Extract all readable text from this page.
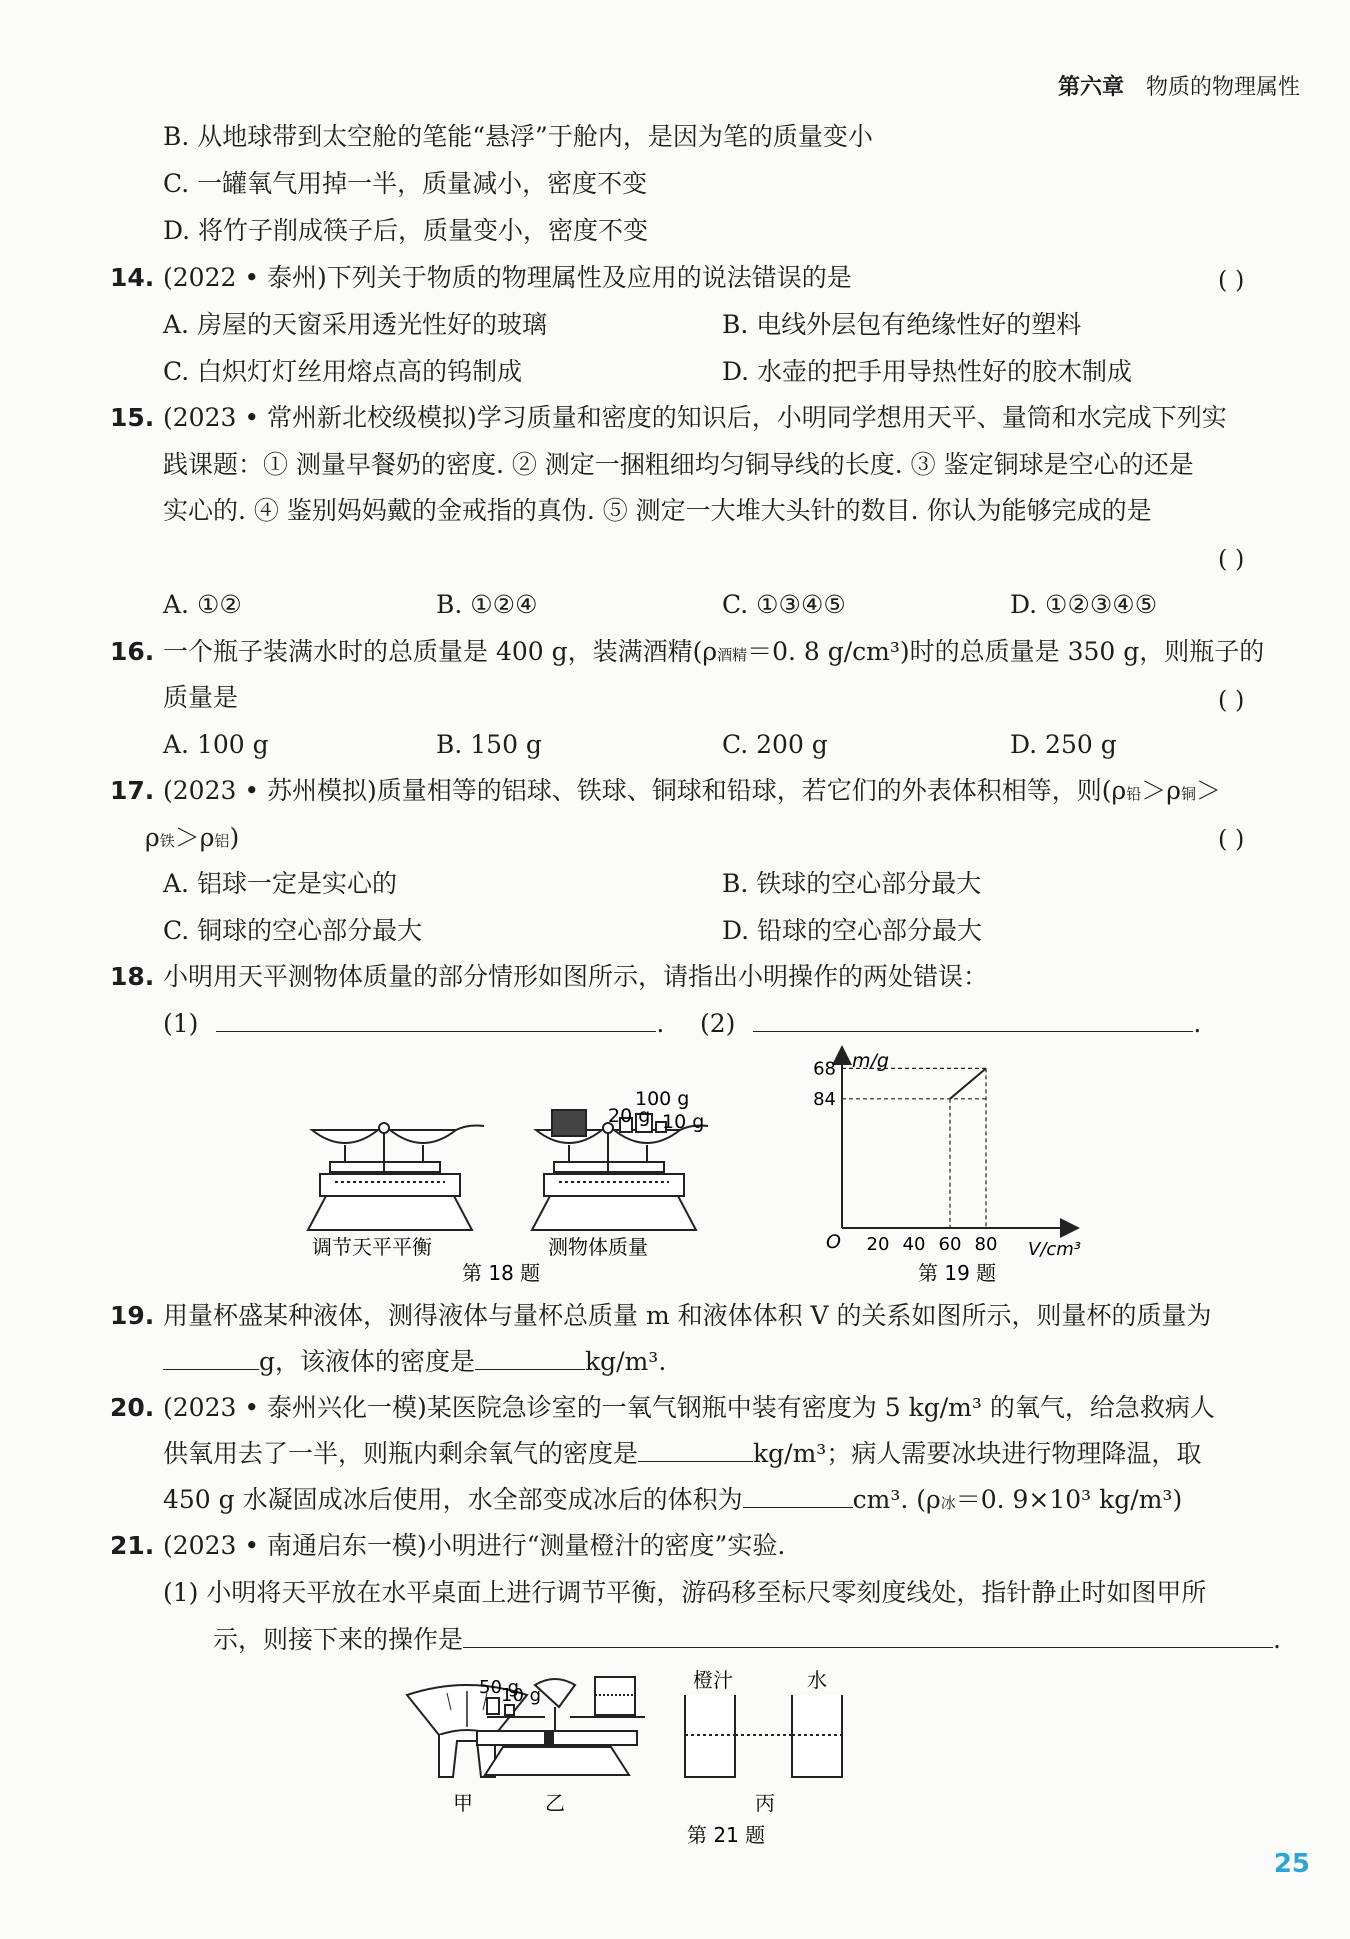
第六章 物质的物理属性
B. 从地球带到太空舱的笔能“悬浮”于舱内，是因为笔的质量变小
C. 一罐氧气用掉一半，质量减小，密度不变
D. 将竹子削成筷子后，质量变小，密度不变
14. (2022 • 泰州)下列关于物质的物理属性及应用的说法错误的是	( )
A. 房屋的天窗采用透光性好的玻璃	B. 电线外层包有绝缘性好的塑料
C. 白炽灯灯丝用熔点高的钨制成	D. 水壶的把手用导热性好的胶木制成
15. (2023 • 常州新北校级模拟)学习质量和密度的知识后，小明同学想用天平、量筒和水完成下列实
践课题：① 测量早餐奶的密度. ② 测定一捆粗细均匀铜导线的长度. ③ 鉴定铜球是空心的还是
实心的. ④ 鉴别妈妈戴的金戒指的真伪. ⑤ 测定一大堆大头针的数目. 你认为能够完成的是
( )
A. ①②	B. ①②④	C. ①③④⑤	D. ①②③④⑤
16. 一个瓶子装满水时的总质量是 400 g，装满酒精(ρ酒精＝0. 8 g/cm³)时的总质量是 350 g，则瓶子的
质量是	( )
A. 100 g	B. 150 g	C. 200 g	D. 250 g
17. (2023 • 苏州模拟)质量相等的铝球、铁球、铜球和铅球，若它们的外表体积相等，则(ρ铅＞ρ铜＞
ρ铁＞ρ铝)	( )
A. 铝球一定是实心的	B. 铁球的空心部分最大
C. 铜球的空心部分最大	D. 铅球的空心部分最大
18. 小明用天平测物体质量的部分情形如图所示，请指出小明操作的两处错误：
(1)	. (2)	.
100 g
20 g 10 g
调节天平平衡	测物体质量
第 18 题
m/g
V/cm³
O
84
68
20 40 60 80
第 19 题
19. 用量杯盛某种液体，测得液体与量杯总质量 m 和液体体积 V 的关系如图所示，则量杯的质量为
g，该液体的密度是	kg/m³.
20. (2023 • 泰州兴化一模)某医院急诊室的一氧气钢瓶中装有密度为 5 kg/m³ 的氧气，给急救病人
供氧用去了一半，则瓶内剩余氧气的密度是	kg/m³；病人需要冰块进行物理降温，取
450 g 水凝固成冰后使用，水全部变成冰后的体积为	cm³. (ρ冰＝0. 9×10³ kg/m³)
21. (2023 • 南通启东一模)小明进行“测量橙汁的密度”实验.
(1) 小明将天平放在水平桌面上进行调节平衡，游码移至标尺零刻度线处，指针静止时如图甲所
示，则接下来的操作是	.
甲
50 g
10 g
乙
橙汁	水
丙
第 21 题
25
